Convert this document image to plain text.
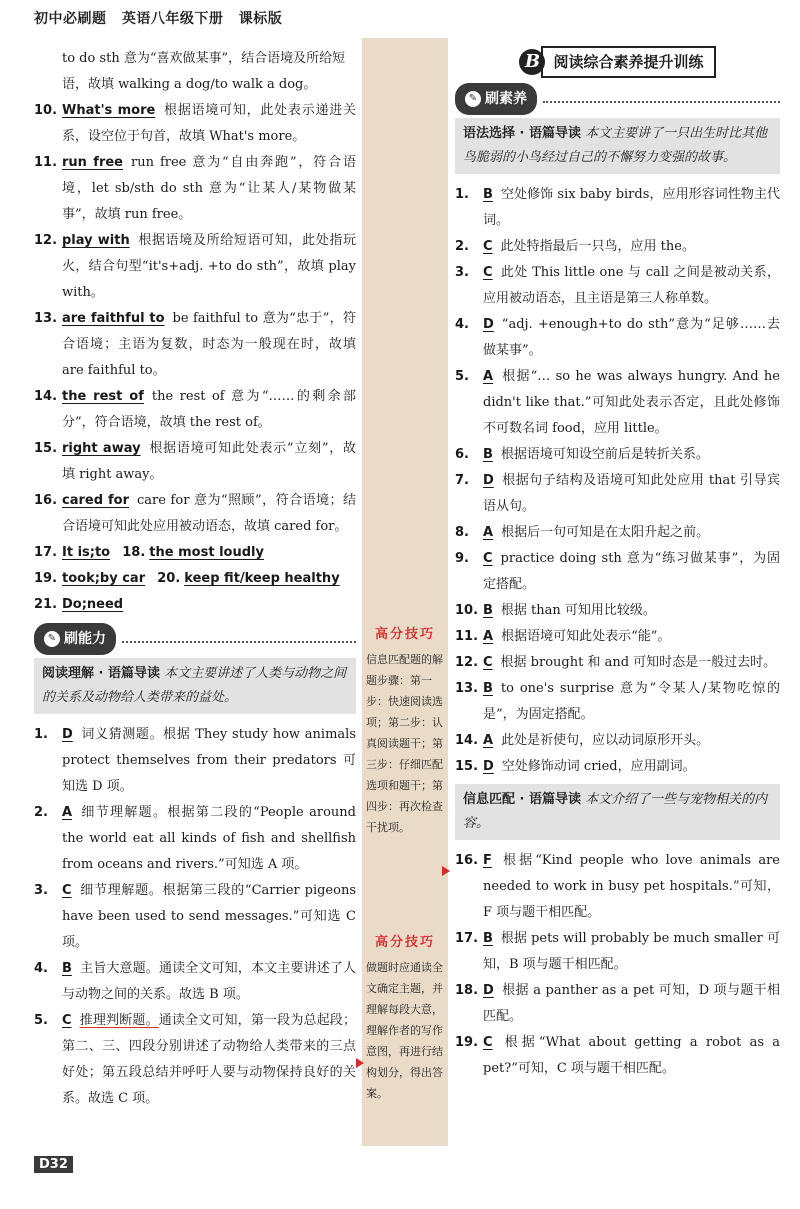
初中必刷题 英语八年级下册 课标版
to do sth 意为“喜欢做某事”，结合语境及所给短语，故填 walking a dog/to walk a dog。
10. What's more 根据语境可知，此处表示递进关系，设空位于句首，故填 What's more。
11. run free run free 意为“自由奔跑”，符合语境，let sb/sth do sth 意为“让某人/某物做某事”，故填 run free。
12. play with 根据语境及所给短语可知，此处指玩火，结合句型“it's+adj. +to do sth”，故填 play with。
13. are faithful to be faithful to 意为“忠于”，符合语境；主语为复数，时态为一般现在时，故填 are faithful to。
14. the rest of the rest of 意为“……的剩余部分”，符合语境，故填 the rest of。
15. right away 根据语境可知此处表示“立刻”，故填 right away。
16. cared for care for 意为“照顾”，符合语境；结合语境可知此处应用被动语态，故填 cared for。
17. It is;to 18. the most loudly
19. took;by car 20. keep fit/keep healthy
21. Do;need
✎ 刷能力
阅读理解 · 语篇导读 本文主要讲述了人类与动物之间的关系及动物给人类带来的益处。
1. D 词义猜测题。根据 They study how animals protect themselves from their predators 可知选 D 项。
2. A 细节理解题。根据第二段的“People around the world eat all kinds of fish and shellfish from oceans and rivers.”可知选 A 项。
3. C 细节理解题。根据第三段的“Carrier pigeons have been used to send messages.”可知选 C 项。
4. B 主旨大意题。通读全文可知，本文主要讲述了人与动物之间的关系。故选 B 项。
5. C 推理判断题。通读全文可知，第一段为总起段；第二、三、四段分别讲述了动物给人类带来的三点好处；第五段总结并呼吁人要与动物保持良好的关系。故选 C 项。
高分技巧
信息匹配题的解题步骤：第一步：快速阅读选项；第二步：认真阅读题干；第三步：仔细匹配选项和题干；第四步：再次检查干扰项。
高分技巧
做题时应通读全文确定主题，并理解每段大意，理解作者的写作意图，再进行结构划分，得出答案。
B 阅读综合素养提升训练
✎ 刷素养
语法选择 · 语篇导读 本文主要讲了一只出生时比其他鸟脆弱的小鸟经过自己的不懈努力变强的故事。
1. B 空处修饰 six baby birds，应用形容词性物主代词。
2. C 此处特指最后一只鸟，应用 the。
3. C 此处 This little one 与 call 之间是被动关系，应用被动语态，且主语是第三人称单数。
4. D “adj. +enough+to do sth”意为“足够……去做某事”。
5. A 根据“… so he was always hungry. And he didn't like that.”可知此处表示否定，且此处修饰不可数名词 food，应用 little。
6. B 根据语境可知设空前后是转折关系。
7. D 根据句子结构及语境可知此处应用 that 引导宾语从句。
8. A 根据后一句可知是在太阳升起之前。
9. C practice doing sth 意为“练习做某事”，为固定搭配。
10. B 根据 than 可知用比较级。
11. A 根据语境可知此处表示“能”。
12. C 根据 brought 和 and 可知时态是一般过去时。
13. B to one's surprise 意为“令某人/某物吃惊的是”，为固定搭配。
14. A 此处是祈使句，应以动词原形开头。
15. D 空处修饰动词 cried，应用副词。
信息匹配 · 语篇导读 本文介绍了一些与宠物相关的内容。
16. F 根据“Kind people who love animals are needed to work in busy pet hospitals.”可知，F 项与题干相匹配。
17. B 根据 pets will probably be much smaller 可知，B 项与题干相匹配。
18. D 根据 a panther as a pet 可知，D 项与题干相匹配。
19. C 根据“What about getting a robot as a pet?”可知，C 项与题干相匹配。
D32
